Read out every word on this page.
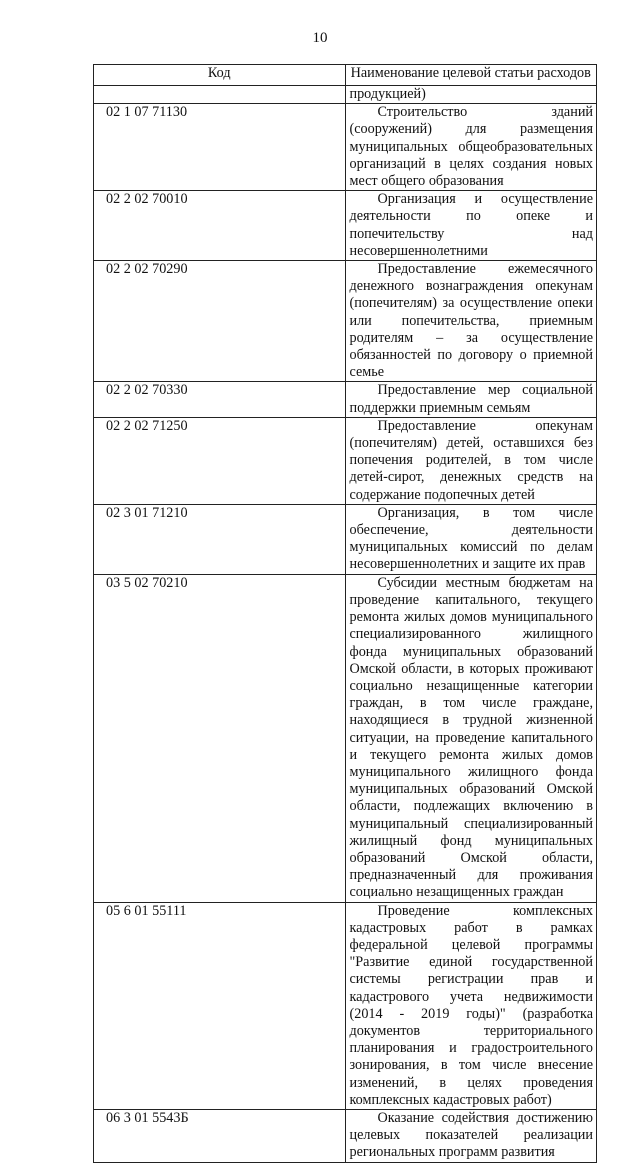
10
Код	Наименование целевой статьи расходов

	продукцией)

02 1 07 71130	Строительство зданий (сооружений) для размещения муниципальных общеобразовательных организаций в целях создания новых мест общего образования

02 2 02 70010	Организация и осуществление деятельности по опеке и попечительству над несовершеннолетними

02 2 02 70290	Предоставление ежемесячного денежного вознаграждения опекунам (попечителям) за осуществление опеки или попечительства, приемным родителям – за осуществление обязанностей по договору о приемной семье

02 2 02 70330	Предоставление мер социальной поддержки приемным семьям

02 2 02 71250	Предоставление опекунам (попечителям) детей, оставшихся без попечения родителей, в том числе детей-сирот, денежных средств на содержание подопечных детей

02 3 01 71210	Организация, в том числе обеспечение, деятельности муниципальных комиссий по делам несовершеннолетних и защите их прав

03 5 02 70210	Субсидии местным бюджетам на проведение капитального, текущего ремонта жилых домов муниципального специализированного жилищного фонда муниципальных образований Омской области, в которых проживают социально незащищенные категории граждан, в том числе граждане, находящиеся в трудной жизненной ситуации, на проведение капитального и текущего ремонта жилых домов муниципального жилищного фонда муниципальных образований Омской области, подлежащих включению в муниципальный специализированный жилищный фонд муниципальных образований Омской области, предназначенный для проживания социально незащищенных граждан

05 6 01 55111	Проведение комплексных кадастровых работ в рамках федеральной целевой программы "Развитие единой государственной системы регистрации прав и кадастрового учета недвижимости (2014 - 2019 годы)" (разработка документов территориального планирования и градостроительного зонирования, в том числе внесение изменений, в целях проведения комплексных кадастровых работ)

06 3 01 5543Б	Оказание содействия достижению целевых показателей реализации региональных программ развития
